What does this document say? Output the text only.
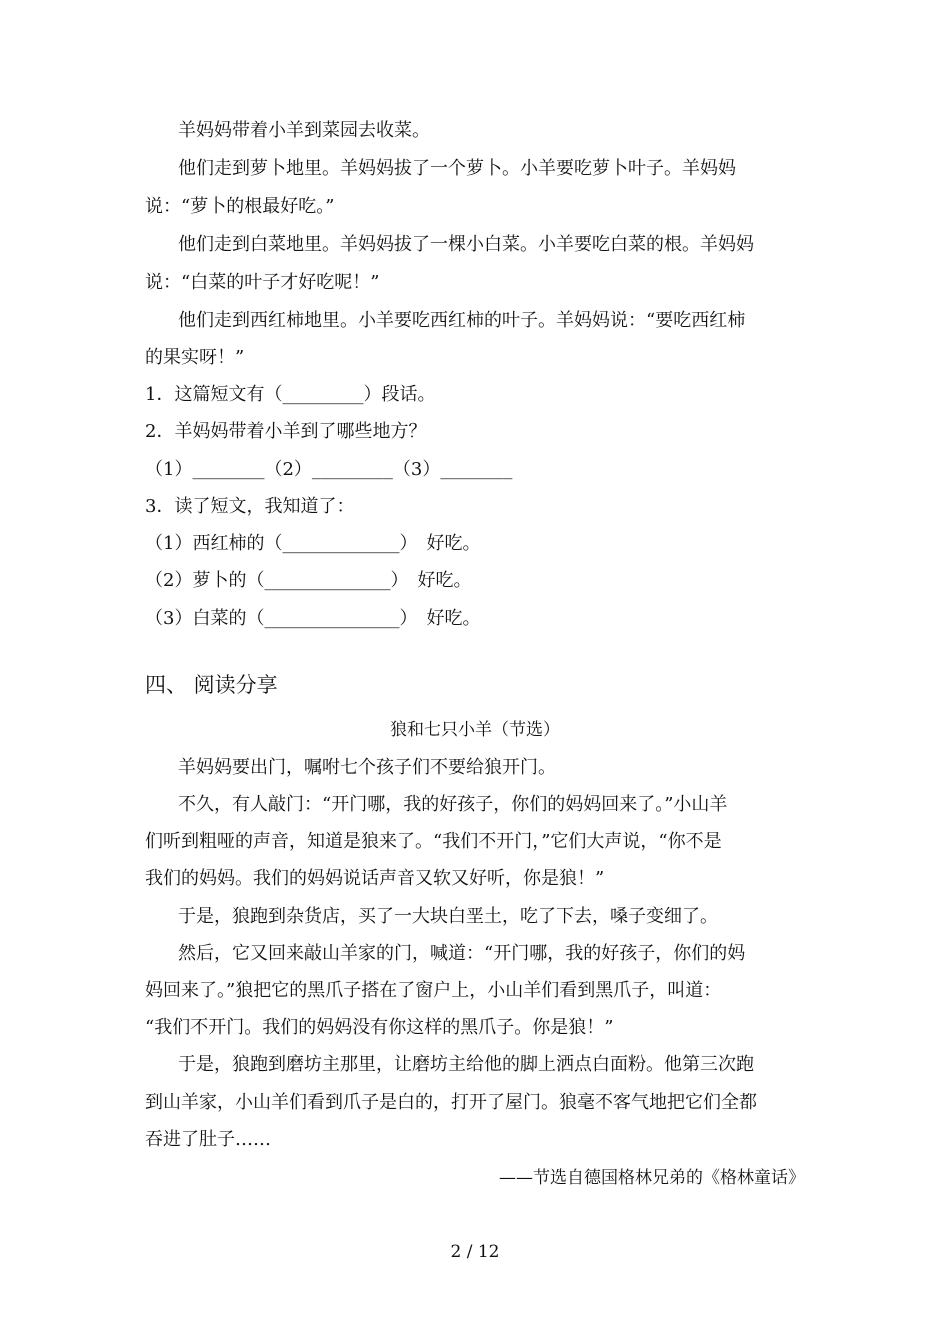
羊妈妈带着小羊到菜园去收菜。
他们走到萝卜地里。羊妈妈拔了一个萝卜。小羊要吃萝卜叶子。羊妈妈
说：“萝卜的根最好吃。”
他们走到白菜地里。羊妈妈拔了一棵小白菜。小羊要吃白菜的根。羊妈妈
说：“白菜的叶子才好吃呢！”
他们走到西红柿地里。小羊要吃西红柿的叶子。羊妈妈说：“要吃西红柿
的果实呀！”
1．这篇短文有（_________）段话。
2．羊妈妈带着小羊到了哪些地方？
（1）________（2）_________（3）________
3．读了短文，我知道了：
（1）西红柿的（_____________）　好吃。
（2）萝卜的（______________）　好吃。
（3）白菜的（_______________）　好吃。
四、 阅读分享
狼和七只小羊（节选）
羊妈妈要出门，嘱咐七个孩子们不要给狼开门。
不久，有人敲门：“开门哪，我的好孩子，你们的妈妈回来了。”小山羊
们听到粗哑的声音，知道是狼来了。“我们不开门，”它们大声说，“你不是
我们的妈妈。我们的妈妈说话声音又软又好听，你是狼！”
于是，狼跑到杂货店，买了一大块白垩土，吃了下去，嗓子变细了。
然后，它又回来敲山羊家的门，喊道：“开门哪，我的好孩子，你们的妈
妈回来了。”狼把它的黑爪子搭在了窗户上，小山羊们看到黑爪子，叫道：
“我们不开门。我们的妈妈没有你这样的黑爪子。你是狼！”
于是，狼跑到磨坊主那里，让磨坊主给他的脚上洒点白面粉。他第三次跑
到山羊家，小山羊们看到爪子是白的，打开了屋门。狼毫不客气地把它们全都
吞进了肚子……
——节选自德国格林兄弟的《格林童话》
2 / 12
